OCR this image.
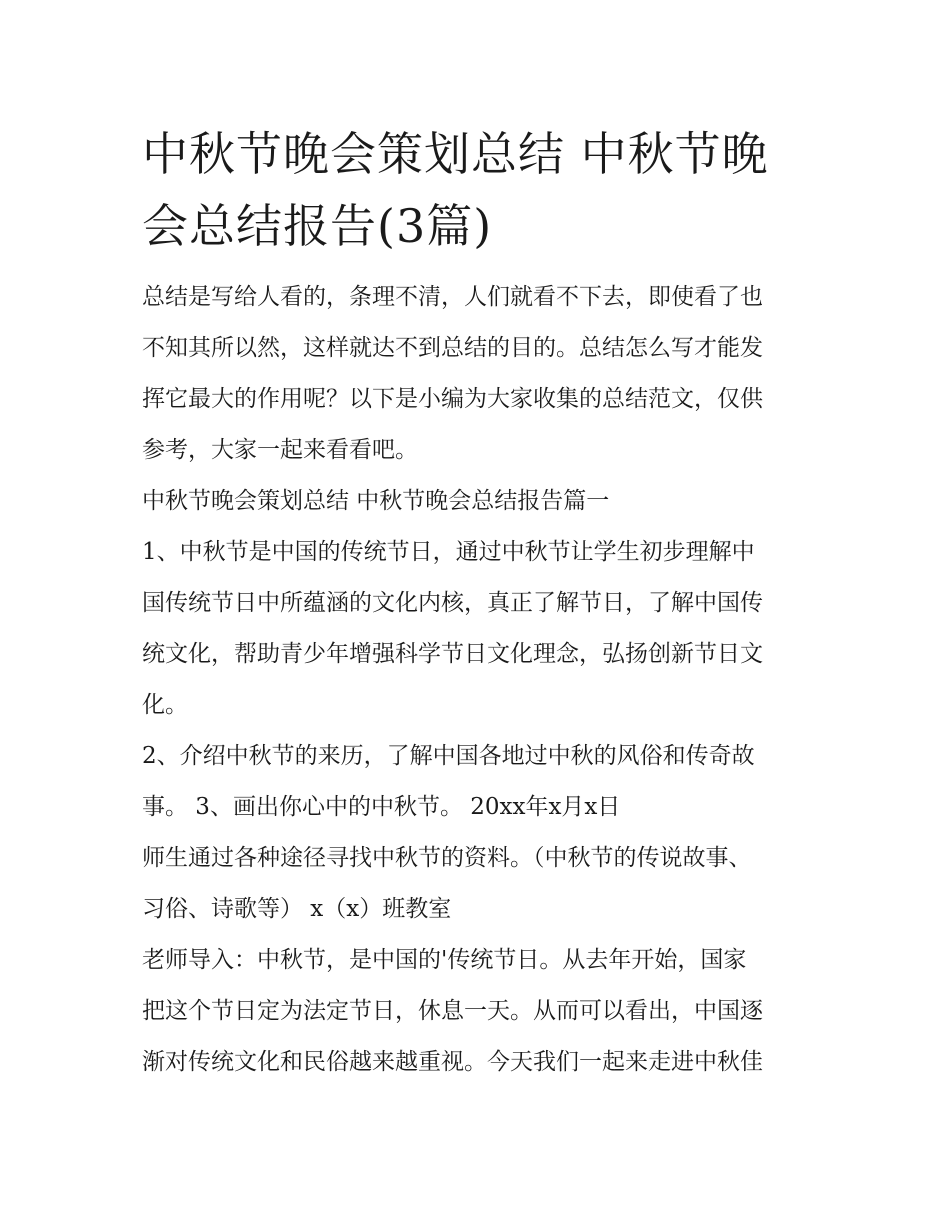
中秋节晚会策划总结 中秋节晚
会总结报告(3篇)

总结是写给人看的，条理不清，人们就看不下去，即使看了也
不知其所以然，这样就达不到总结的目的。总结怎么写才能发
挥它最大的作用呢？以下是小编为大家收集的总结范文，仅供
参考，大家一起来看看吧。

中秋节晚会策划总结 中秋节晚会总结报告篇一

1、中秋节是中国的传统节日，通过中秋节让学生初步理解中
国传统节日中所蕴涵的文化内核，真正了解节日，了解中国传
统文化，帮助青少年增强科学节日文化理念，弘扬创新节日文
化。

2、介绍中秋节的来历，了解中国各地过中秋的风俗和传奇故
事。 3、画出你心中的中秋节。 20xx年x月x日

师生通过各种途径寻找中秋节的资料。（中秋节的传说故事、
习俗、诗歌等） x（x）班教室

老师导入：中秋节，是中国的'传统节日。从去年开始，国家
把这个节日定为法定节日，休息一天。从而可以看出，中国逐
渐对传统文化和民俗越来越重视。今天我们一起来走进中秋佳
